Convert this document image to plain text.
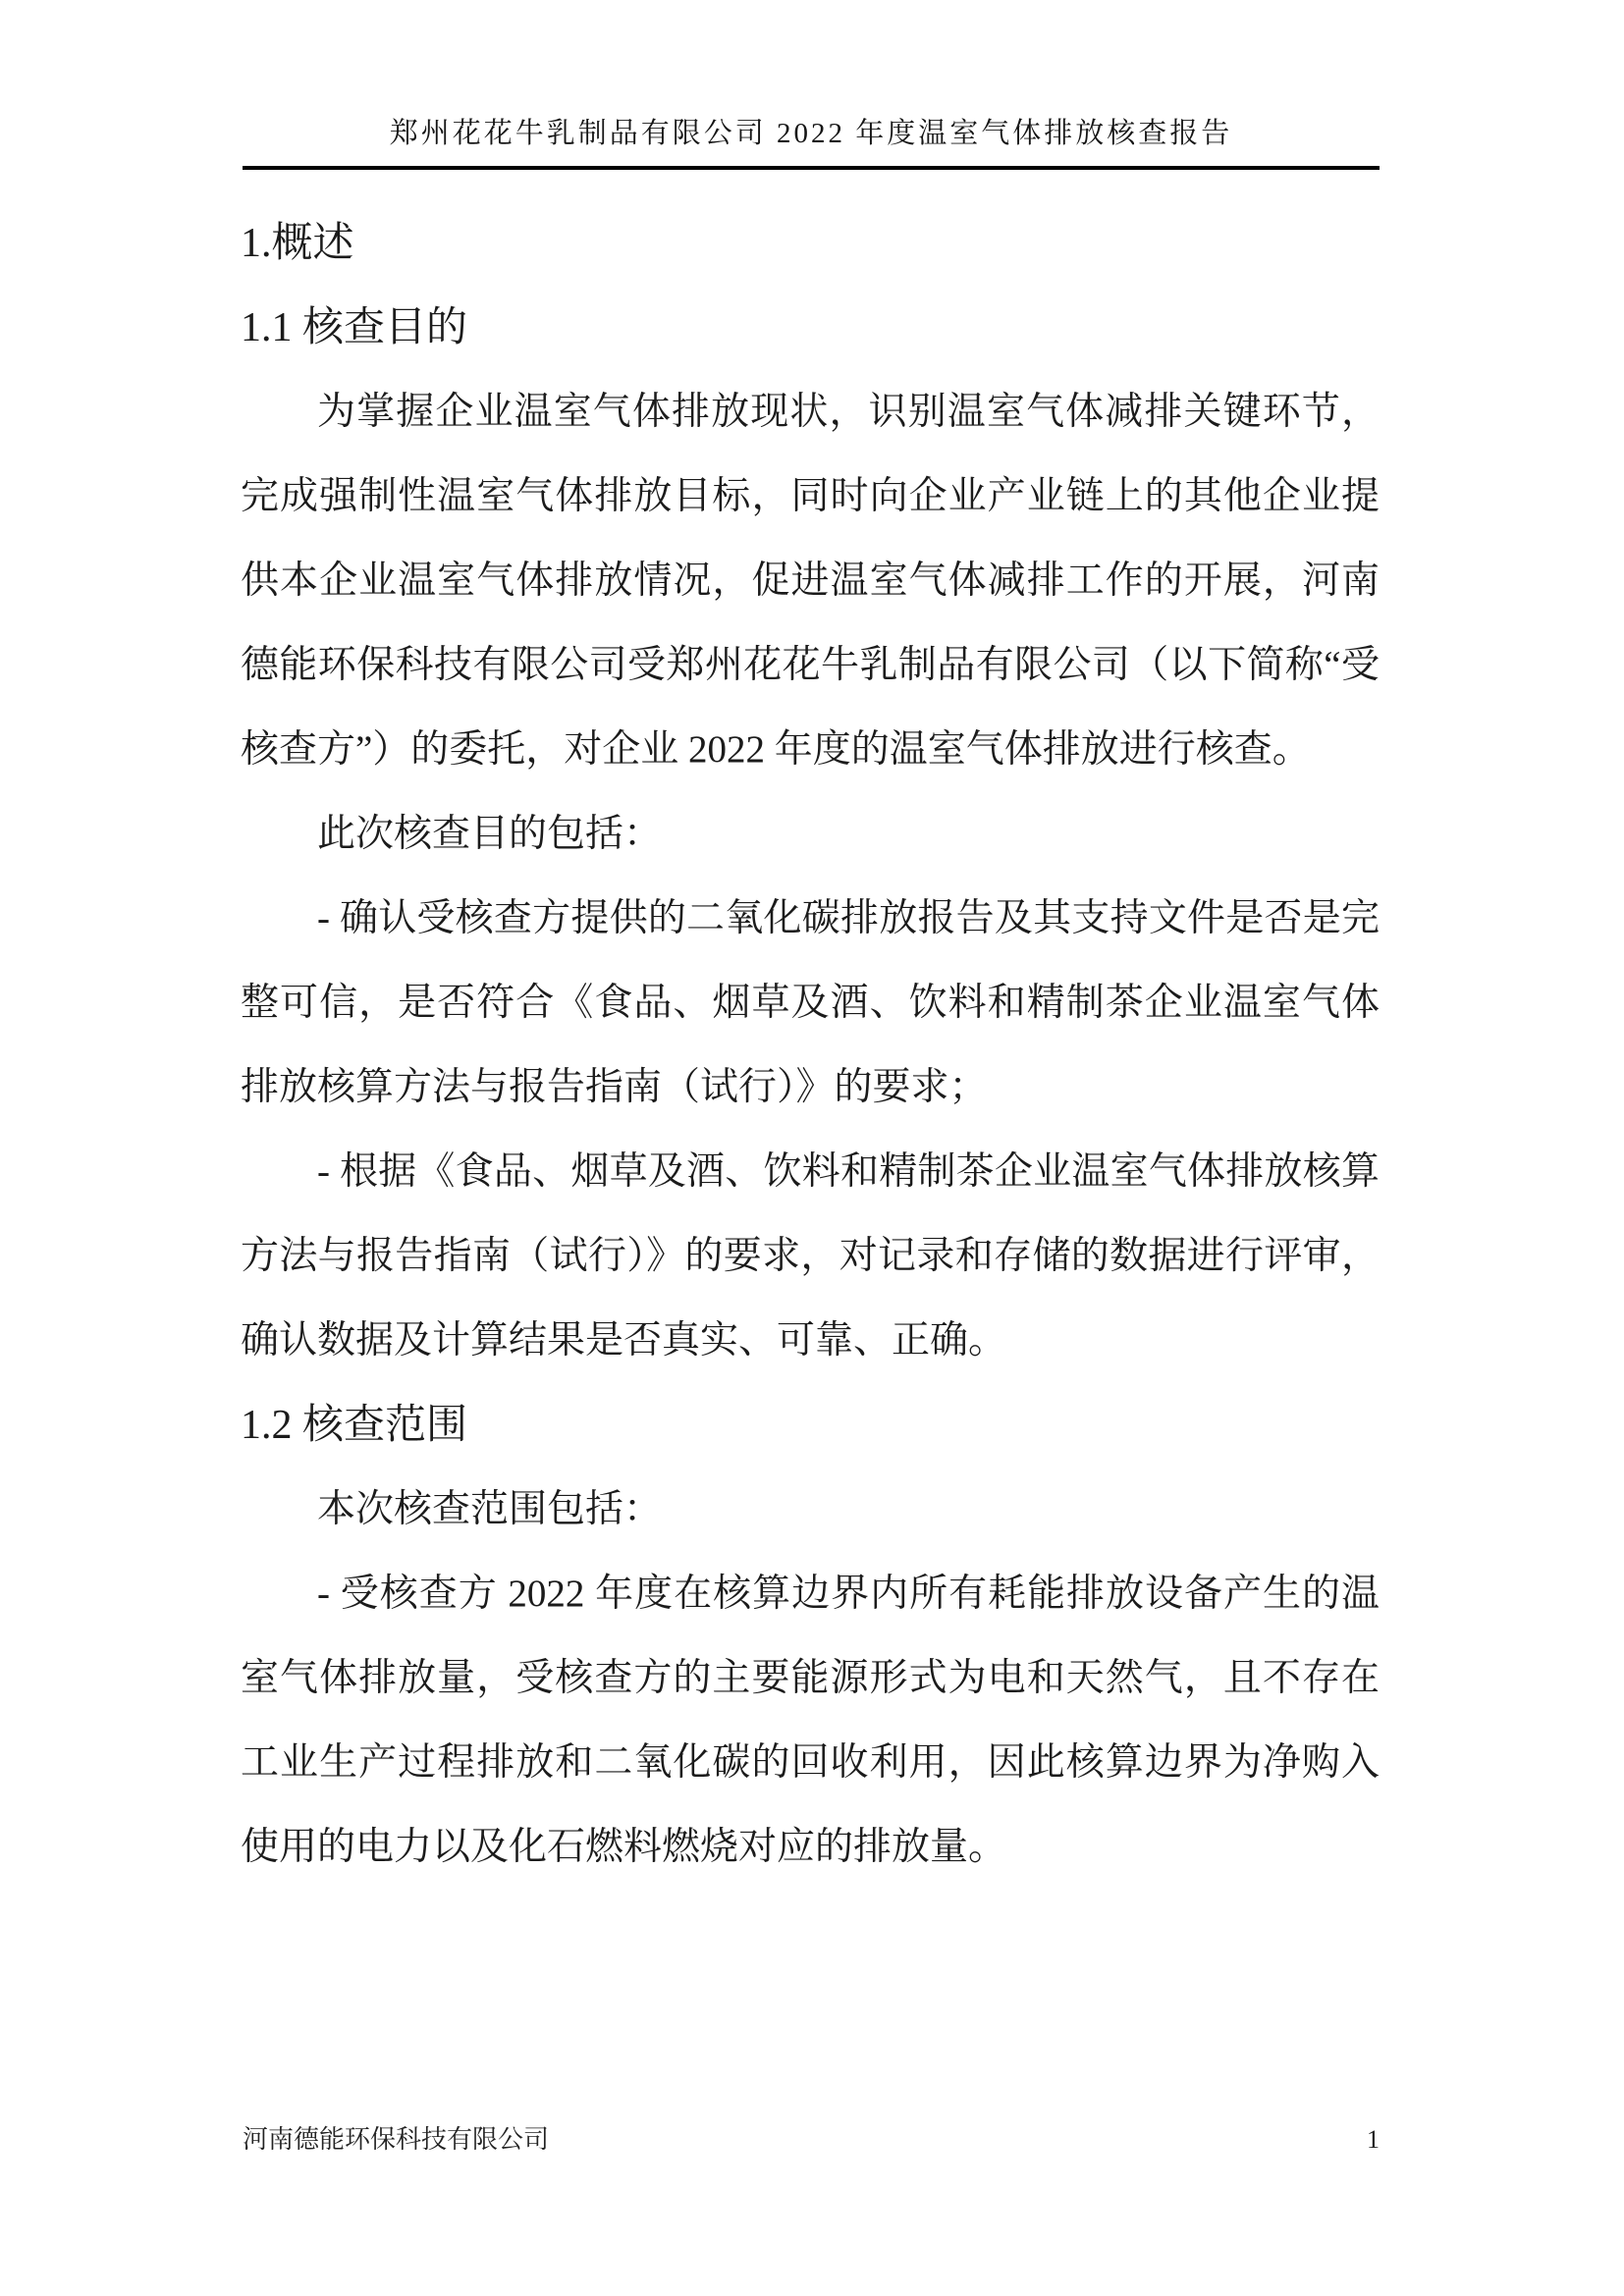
郑州花花牛乳制品有限公司 2022 年度温室气体排放核查报告
1.概述
1.1 核查目的

为掌握企业温室气体排放现状，识别温室气体减排关键环节，完成强制性温室气体排放目标，同时向企业产业链上的其他企业提供本企业温室气体排放情况，促进温室气体减排工作的开展，河南德能环保科技有限公司受郑州花花牛乳制品有限公司（以下简称“受核查方”）的委托，对企业 2022 年度的温室气体排放进行核查。

此次核查目的包括：

- 确认受核查方提供的二氧化碳排放报告及其支持文件是否是完整可信，是否符合《食品、烟草及酒、饮料和精制茶企业温室气体排放核算方法与报告指南（试行）》的要求；

- 根据《食品、烟草及酒、饮料和精制茶企业温室气体排放核算方法与报告指南（试行）》的要求，对记录和存储的数据进行评审，确认数据及计算结果是否真实、可靠、正确。

1.2 核查范围

本次核查范围包括：

- 受核查方 2022 年度在核算边界内所有耗能排放设备产生的温室气体排放量，受核查方的主要能源形式为电和天然气，且不存在工业生产过程排放和二氧化碳的回收利用，因此核算边界为净购入使用的电力以及化石燃料燃烧对应的排放量。

河南德能环保科技有限公司	1
